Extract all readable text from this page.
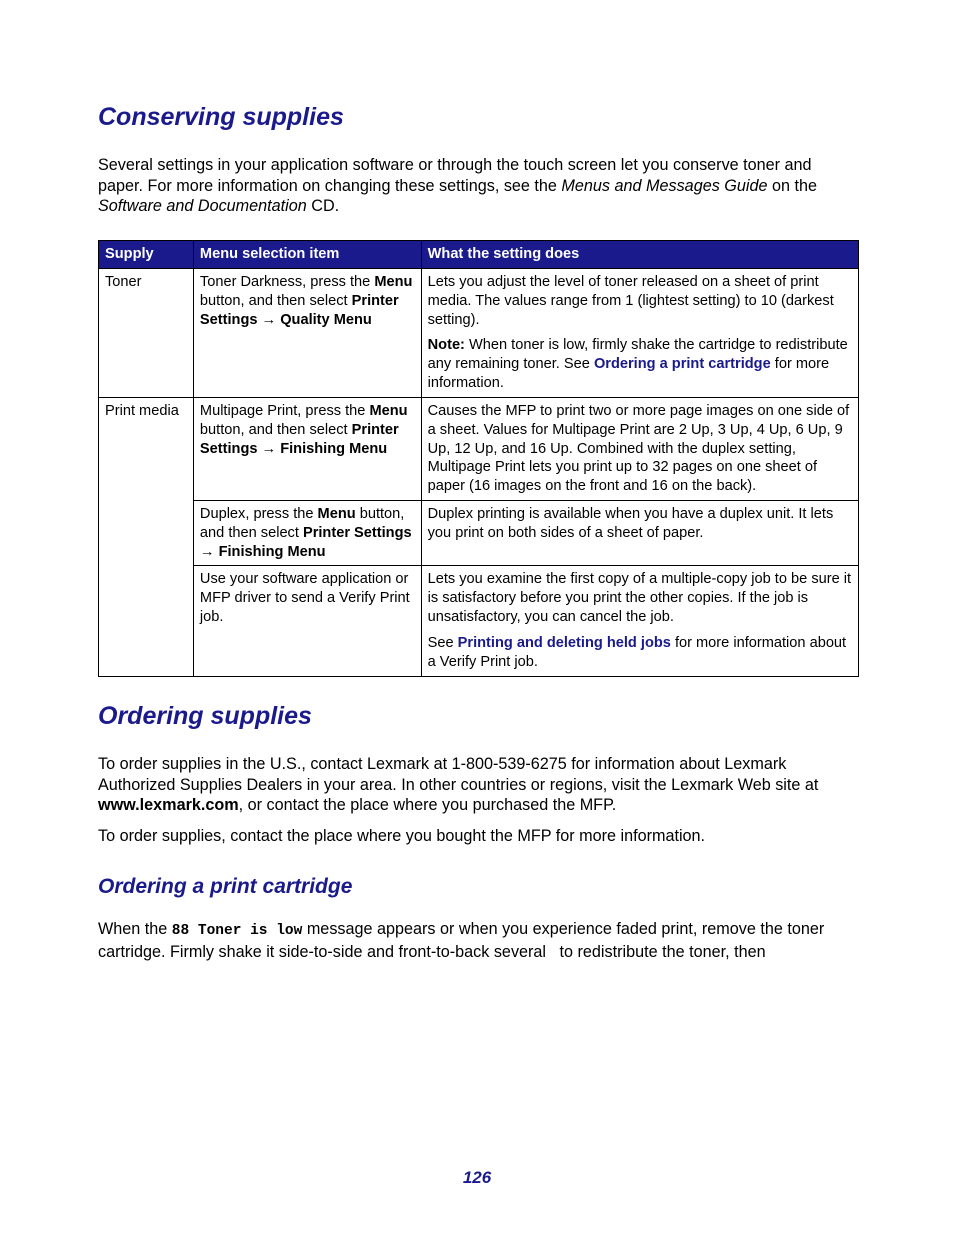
Conserving supplies

Several settings in your application software or through the touch screen let you conserve toner and paper. For more information on changing these settings, see the Menus and Messages Guide on the Software and Documentation CD.

Supply	Menu selection item	What the setting does
Toner	Toner Darkness, press the Menu button, and then select Printer Settings → Quality Menu	Lets you adjust the level of toner released on a sheet of print media. The values range from 1 (lightest setting) to 10 (darkest setting).

Note: When toner is low, firmly shake the cartridge to redistribute any remaining toner. See Ordering a print cartridge for more information.

Print media	Multipage Print, press the Menu button, and then select Printer Settings → Finishing Menu	Causes the MFP to print two or more page images on one side of a sheet. Values for Multipage Print are 2 Up, 3 Up, 4 Up, 6 Up, 9 Up, 12 Up, and 16 Up. Combined with the duplex setting, Multipage Print lets you print up to 32 pages on one sheet of paper (16 images on the front and 16 on the back).

	Duplex, press the Menu button, and then select Printer Settings → Finishing Menu	Duplex printing is available when you have a duplex unit. It lets you print on both sides of a sheet of paper.

	Use your software application or MFP driver to send a Verify Print job.	Lets you examine the first copy of a multiple-copy job to be sure it is satisfactory before you print the other copies. If the job is unsatisfactory, you can cancel the job.

See Printing and deleting held jobs for more information about a Verify Print job.

Ordering supplies

To order supplies in the U.S., contact Lexmark at 1-800-539-6275 for information about Lexmark Authorized Supplies Dealers in your area. In other countries or regions, visit the Lexmark Web site at www.lexmark.com, or contact the place where you purchased the MFP.

To order supplies, contact the place where you bought the MFP for more information.

Ordering a print cartridge

When the 88 Toner is low message appears or when you experience faded print, remove the toner cartridge. Firmly shake it side-to-side and front-to-back several   to redistribute the toner, then

126
